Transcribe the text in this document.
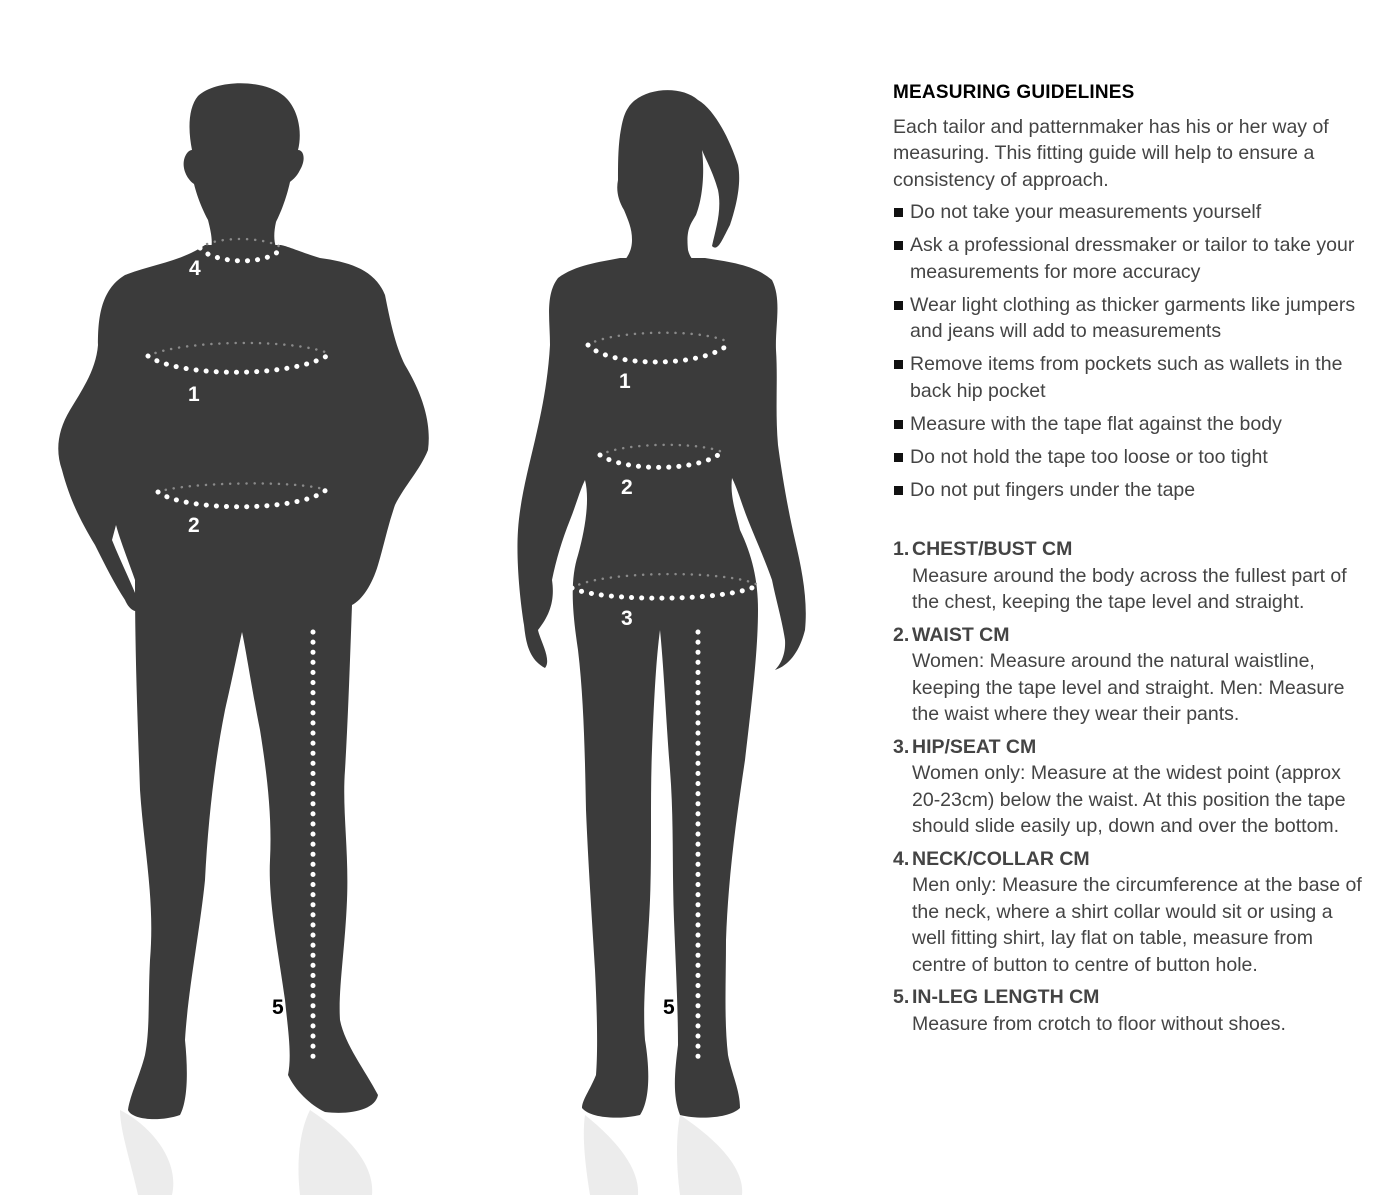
4
1
2
5
1
2
3
5
MEASURING GUIDELINES
Each tailor and patternmaker has his or her way of measuring. This fitting guide will help to ensure a consistency of approach.
Do not take your measurements yourself
Ask a professional dressmaker or tailor to take your measurements for more accuracy
Wear light clothing as thicker garments like jumpers and jeans will add to measurements
Remove items from pockets such as wallets in the back hip pocket
Measure with the tape flat against the body
Do not hold the tape too loose or too tight
Do not put fingers under the tape
1. CHEST/BUST CM
Measure around the body across the fullest part of the chest, keeping the tape level and straight.
2. WAIST CM
Women: Measure around the natural waistline, keeping the tape level and straight. Men: Measure the waist where they wear their pants.
3. HIP/SEAT CM
Women only: Measure at the widest point (approx 20-23cm) below the waist. At this position the tape should slide easily up, down and over the bottom.
4. NECK/COLLAR CM
Men only: Measure the circumference at the base of the neck, where a shirt collar would sit or using a well fitting shirt, lay flat on table, measure from centre of button to centre of button hole.
5. IN-LEG LENGTH CM
Measure from crotch to floor without shoes.
